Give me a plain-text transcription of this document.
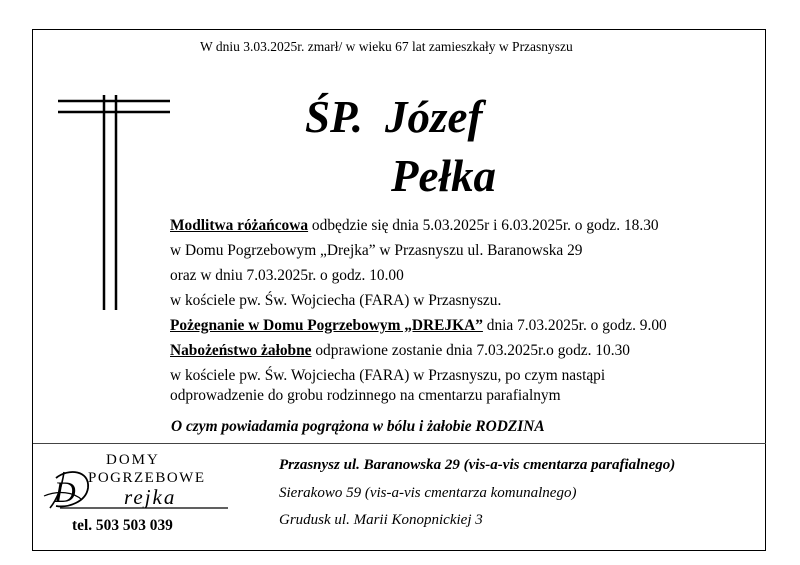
W dniu 3.03.2025r. zmarł/ w wieku 67 lat zamieszkały w Przasnyszu
ŚP. Józef
Pełka
Modlitwa różańcowa odbędzie się dnia 5.03.2025r i 6.03.2025r. o godz. 18.30
w Domu Pogrzebowym „Drejka” w Przasnyszu ul. Baranowska 29
oraz w dniu 7.03.2025r. o godz. 10.00
w kościele pw. Św. Wojciecha (FARA) w Przasnyszu.
Pożegnanie w Domu Pogrzebowym „DREJKA” dnia 7.03.2025r. o godz. 9.00
Nabożeństwo żałobne odprawione zostanie dnia 7.03.2025r.o godz. 10.30
w kościele pw. Św. Wojciecha (FARA) w Przasnyszu, po czym nastąpi
odprowadzenie do grobu rodzinnego na cmentarzu parafialnym
O czym powiadamia pogrążona w bólu i żałobie RODZINA
DOMY
POGRZEBOWE
D rejka
tel. 503 503 039
Przasnysz ul. Baranowska 29 (vis-a-vis cmentarza parafialnego)
Sierakowo 59 (vis-a-vis cmentarza komunalnego)
Grudusk ul. Marii Konopnickiej 3
